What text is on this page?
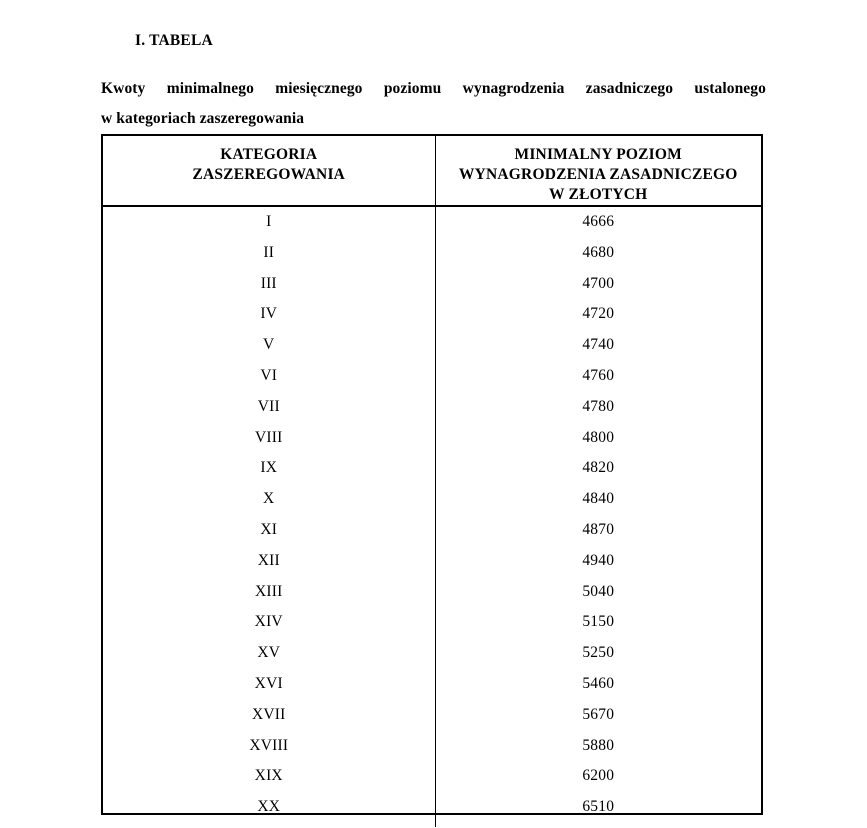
I. TABELA
Kwoty minimalnego miesięcznego poziomu wynagrodzenia zasadniczego ustalonego
w kategoriach zaszeregowania
KATEGORIA
ZASZEREGOWANIA	MINIMALNY POZIOM
WYNAGRODZENIA ZASADNICZEGO
W ZŁOTYCH

I	4666
II	4680
III	4700
IV	4720
V	4740
VI	4760
VII	4780
VIII	4800
IX	4820
X	4840
XI	4870
XII	4940
XIII	5040
XIV	5150
XV	5250
XVI	5460
XVII	5670
XVIII	5880
XIX	6200
XX	6510
